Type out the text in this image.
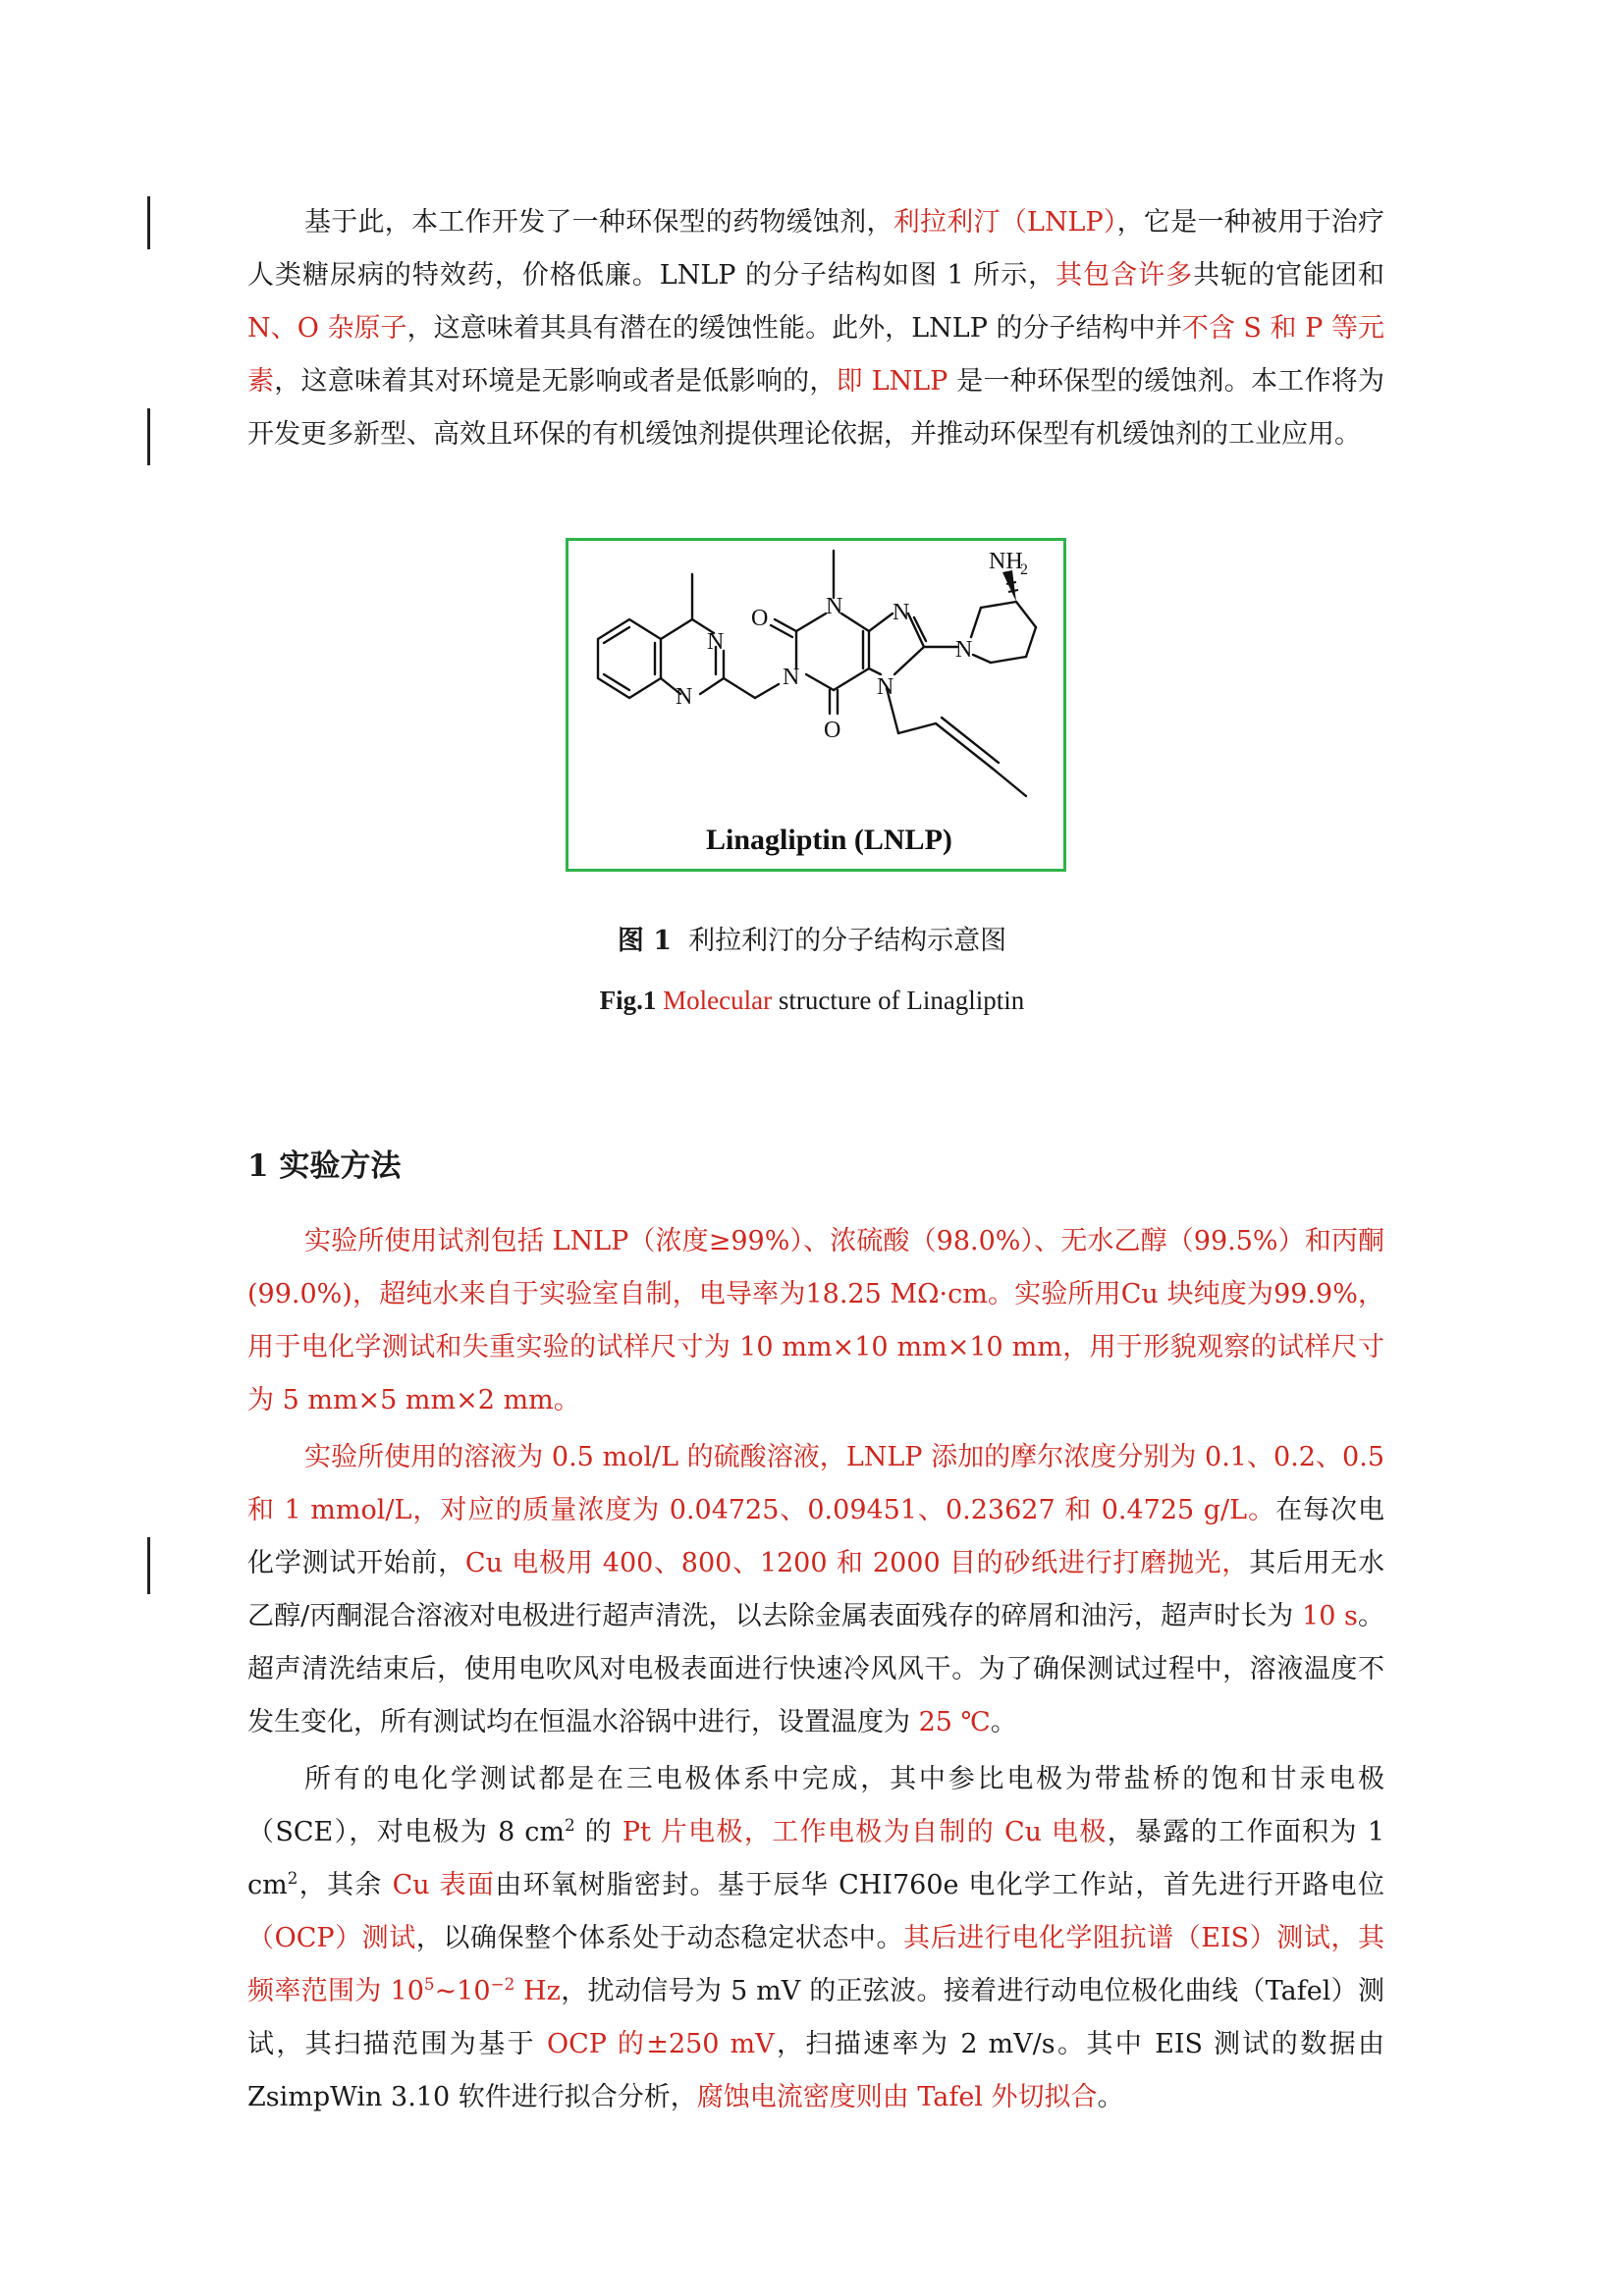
基于此，本工作开发了一种环保型的药物缓蚀剂，利拉利汀（LNLP），它是一种被用于治疗人类糖尿病的特效药，价格低廉。LNLP 的分子结构如图 1 所示，其包含许多共轭的官能团和N、O 杂原子，这意味着其具有潜在的缓蚀性能。此外，LNLP 的分子结构中并不含 S 和 P 等元素，这意味着其对环境是无影响或者是低影响的，即 LNLP 是一种环保型的缓蚀剂。本工作将为开发更多新型、高效且环保的有机缓蚀剂提供理论依据，并推动环保型有机缓蚀剂的工业应用。

N
N
N
N N
N
N
O
O
NH
2
Linagliptin (LNLP)
图 1 利拉利汀的分子结构示意图
Fig.1 Molecular structure of Linagliptin
1 实验方法

实验所使用试剂包括 LNLP（浓度≥99%）、浓硫酸（98.0%）、无水乙醇（99.5%）和丙酮(99.0%)，超纯水来自于实验室自制，电导率为18.25 MΩ·cm。实验所用Cu 块纯度为99.9%，用于电化学测试和失重实验的试样尺寸为 10 mm×10 mm×10 mm，用于形貌观察的试样尺寸为 5 mm×5 mm×2 mm。

实验所使用的溶液为 0.5 mol/L 的硫酸溶液，LNLP 添加的摩尔浓度分别为 0.1、0.2、0.5 和 1 mmol/L，对应的质量浓度为 0.04725、0.09451、0.23627 和 0.4725 g/L。在每次电化学测试开始前，Cu 电极用 400、800、1200 和 2000 目的砂纸进行打磨抛光，其后用无水乙醇/丙酮混合溶液对电极进行超声清洗，以去除金属表面残存的碎屑和油污，超声时长为 10 s。超声清洗结束后，使用电吹风对电极表面进行快速冷风风干。为了确保测试过程中，溶液温度不发生变化，所有测试均在恒温水浴锅中进行，设置温度为 25 ℃。

所有的电化学测试都是在三电极体系中完成，其中参比电极为带盐桥的饱和甘汞电极（SCE），对电极为 8 $cm^2$ 的 Pt 片电极，工作电极为自制的 Cu 电极，暴露的工作面积为 1 $cm^2$，其余 Cu 表面由环氧树脂密封。基于辰华 CHI760e 电化学工作站，首先进行开路电位（OCP）测试，以确保整个体系处于动态稳定状态中。其后进行电化学阻抗谱（EIS）测试，其频率范围为 $10^5\sim 10^{-2}$ Hz，扰动信号为 5 mV 的正弦波。接着进行动电位极化曲线（Tafel）测试，其扫描范围为基于 OCP 的±250 mV，扫描速率为 2 mV/s。其中 EIS 测试的数据由 ZsimpWin 3.10 软件进行拟合分析，腐蚀电流密度则由 Tafel 外切拟合。
